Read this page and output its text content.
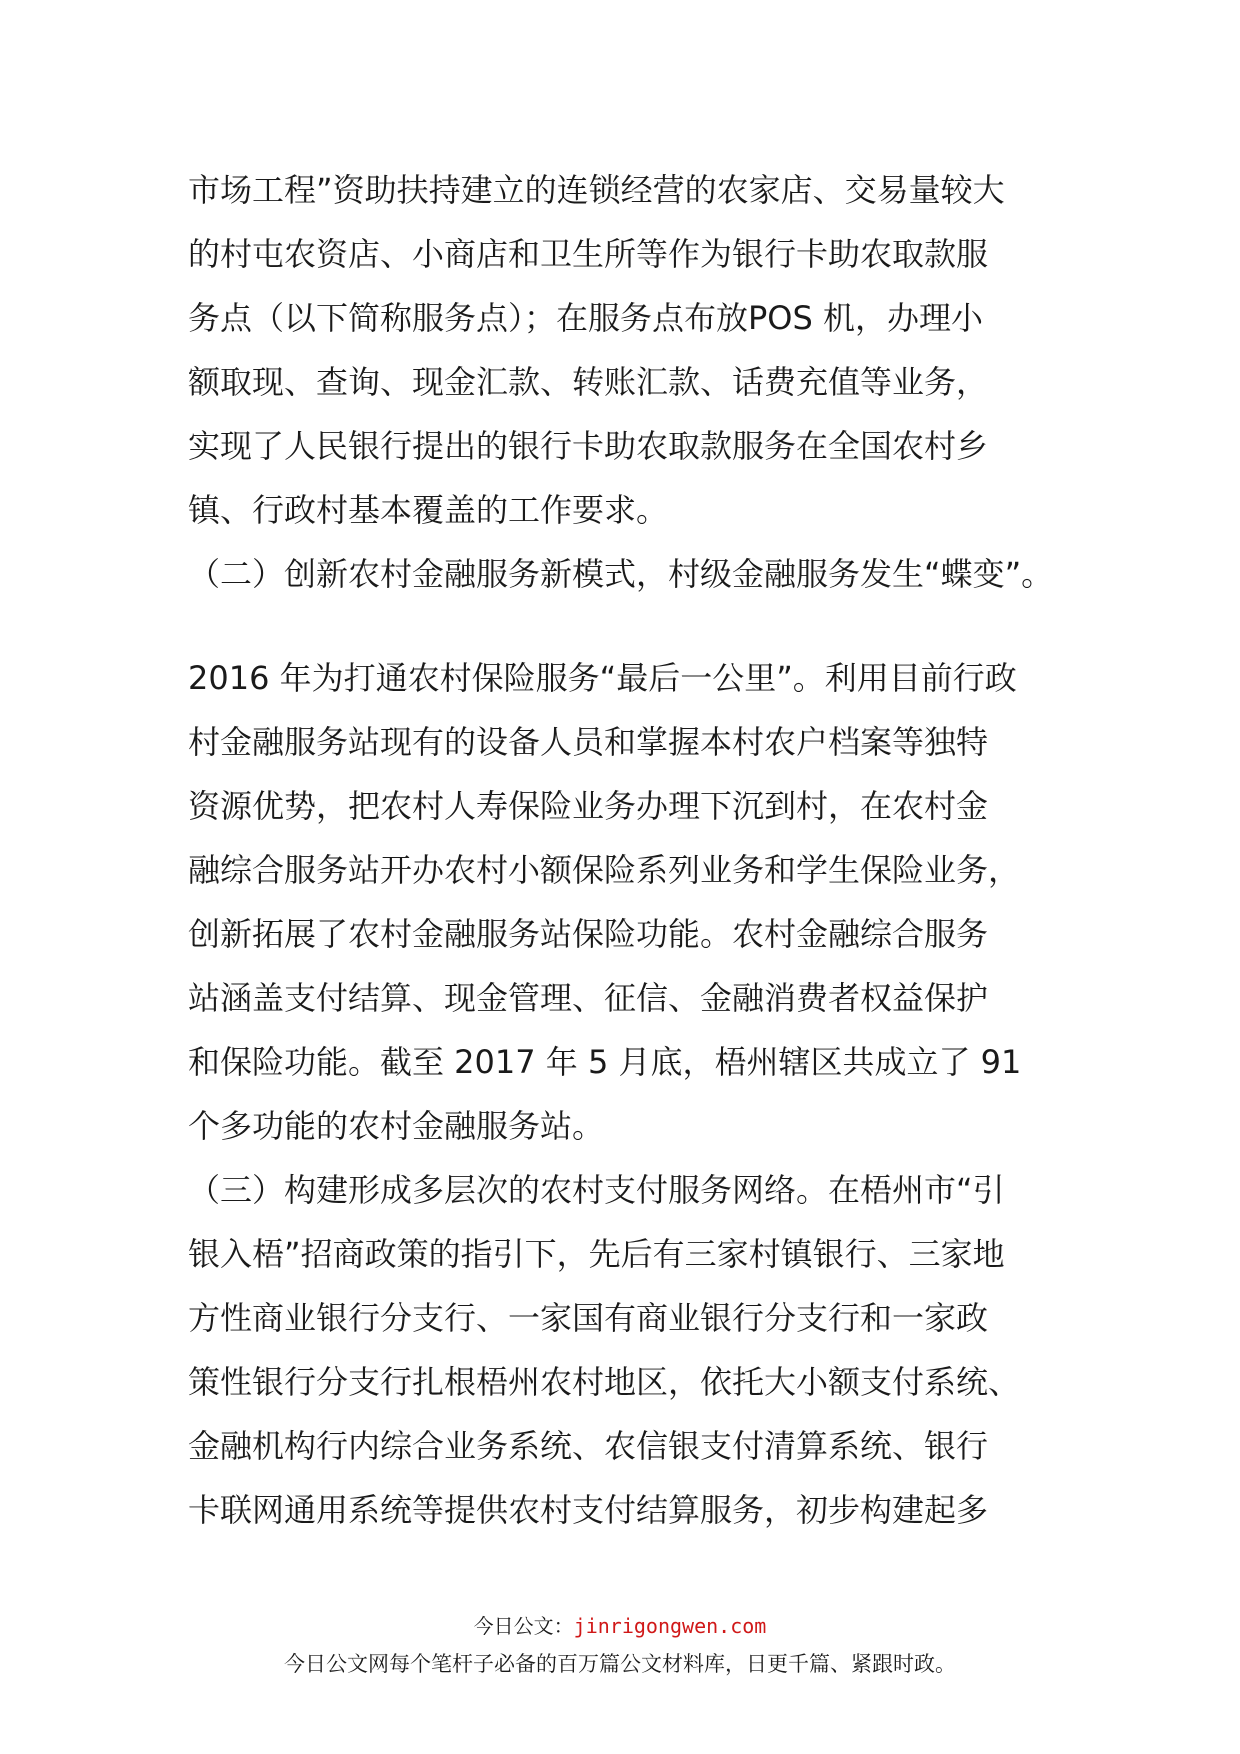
市场工程”资助扶持建立的连锁经营的农家店、交易量较大

的村屯农资店、小商店和卫生所等作为银行卡助农取款服

务点（以下简称服务点）；在服务点布放POS 机，办理小

额取现、查询、现金汇款、转账汇款、话费充值等业务，

实现了人民银行提出的银行卡助农取款服务在全国农村乡

镇、行政村基本覆盖的工作要求。

（二）创新农村金融服务新模式，村级金融服务发生“蝶变”。

2016 年为打通农村保险服务“最后一公里”。利用目前行政

村金融服务站现有的设备人员和掌握本村农户档案等独特

资源优势，把农村人寿保险业务办理下沉到村，在农村金

融综合服务站开办农村小额保险系列业务和学生保险业务，

创新拓展了农村金融服务站保险功能。农村金融综合服务

站涵盖支付结算、现金管理、征信、金融消费者权益保护

和保险功能。截至 2017 年 5 月底，梧州辖区共成立了 91

个多功能的农村金融服务站。

（三）构建形成多层次的农村支付服务网络。在梧州市“引

银入梧”招商政策的指引下，先后有三家村镇银行、三家地

方性商业银行分支行、一家国有商业银行分支行和一家政

策性银行分支行扎根梧州农村地区，依托大小额支付系统、

金融机构行内综合业务系统、农信银支付清算系统、银行

卡联网通用系统等提供农村支付结算服务，初步构建起多

今日公文：jinrigongwen.com
今日公文网每个笔杆子必备的百万篇公文材料库，日更千篇、紧跟时政。
